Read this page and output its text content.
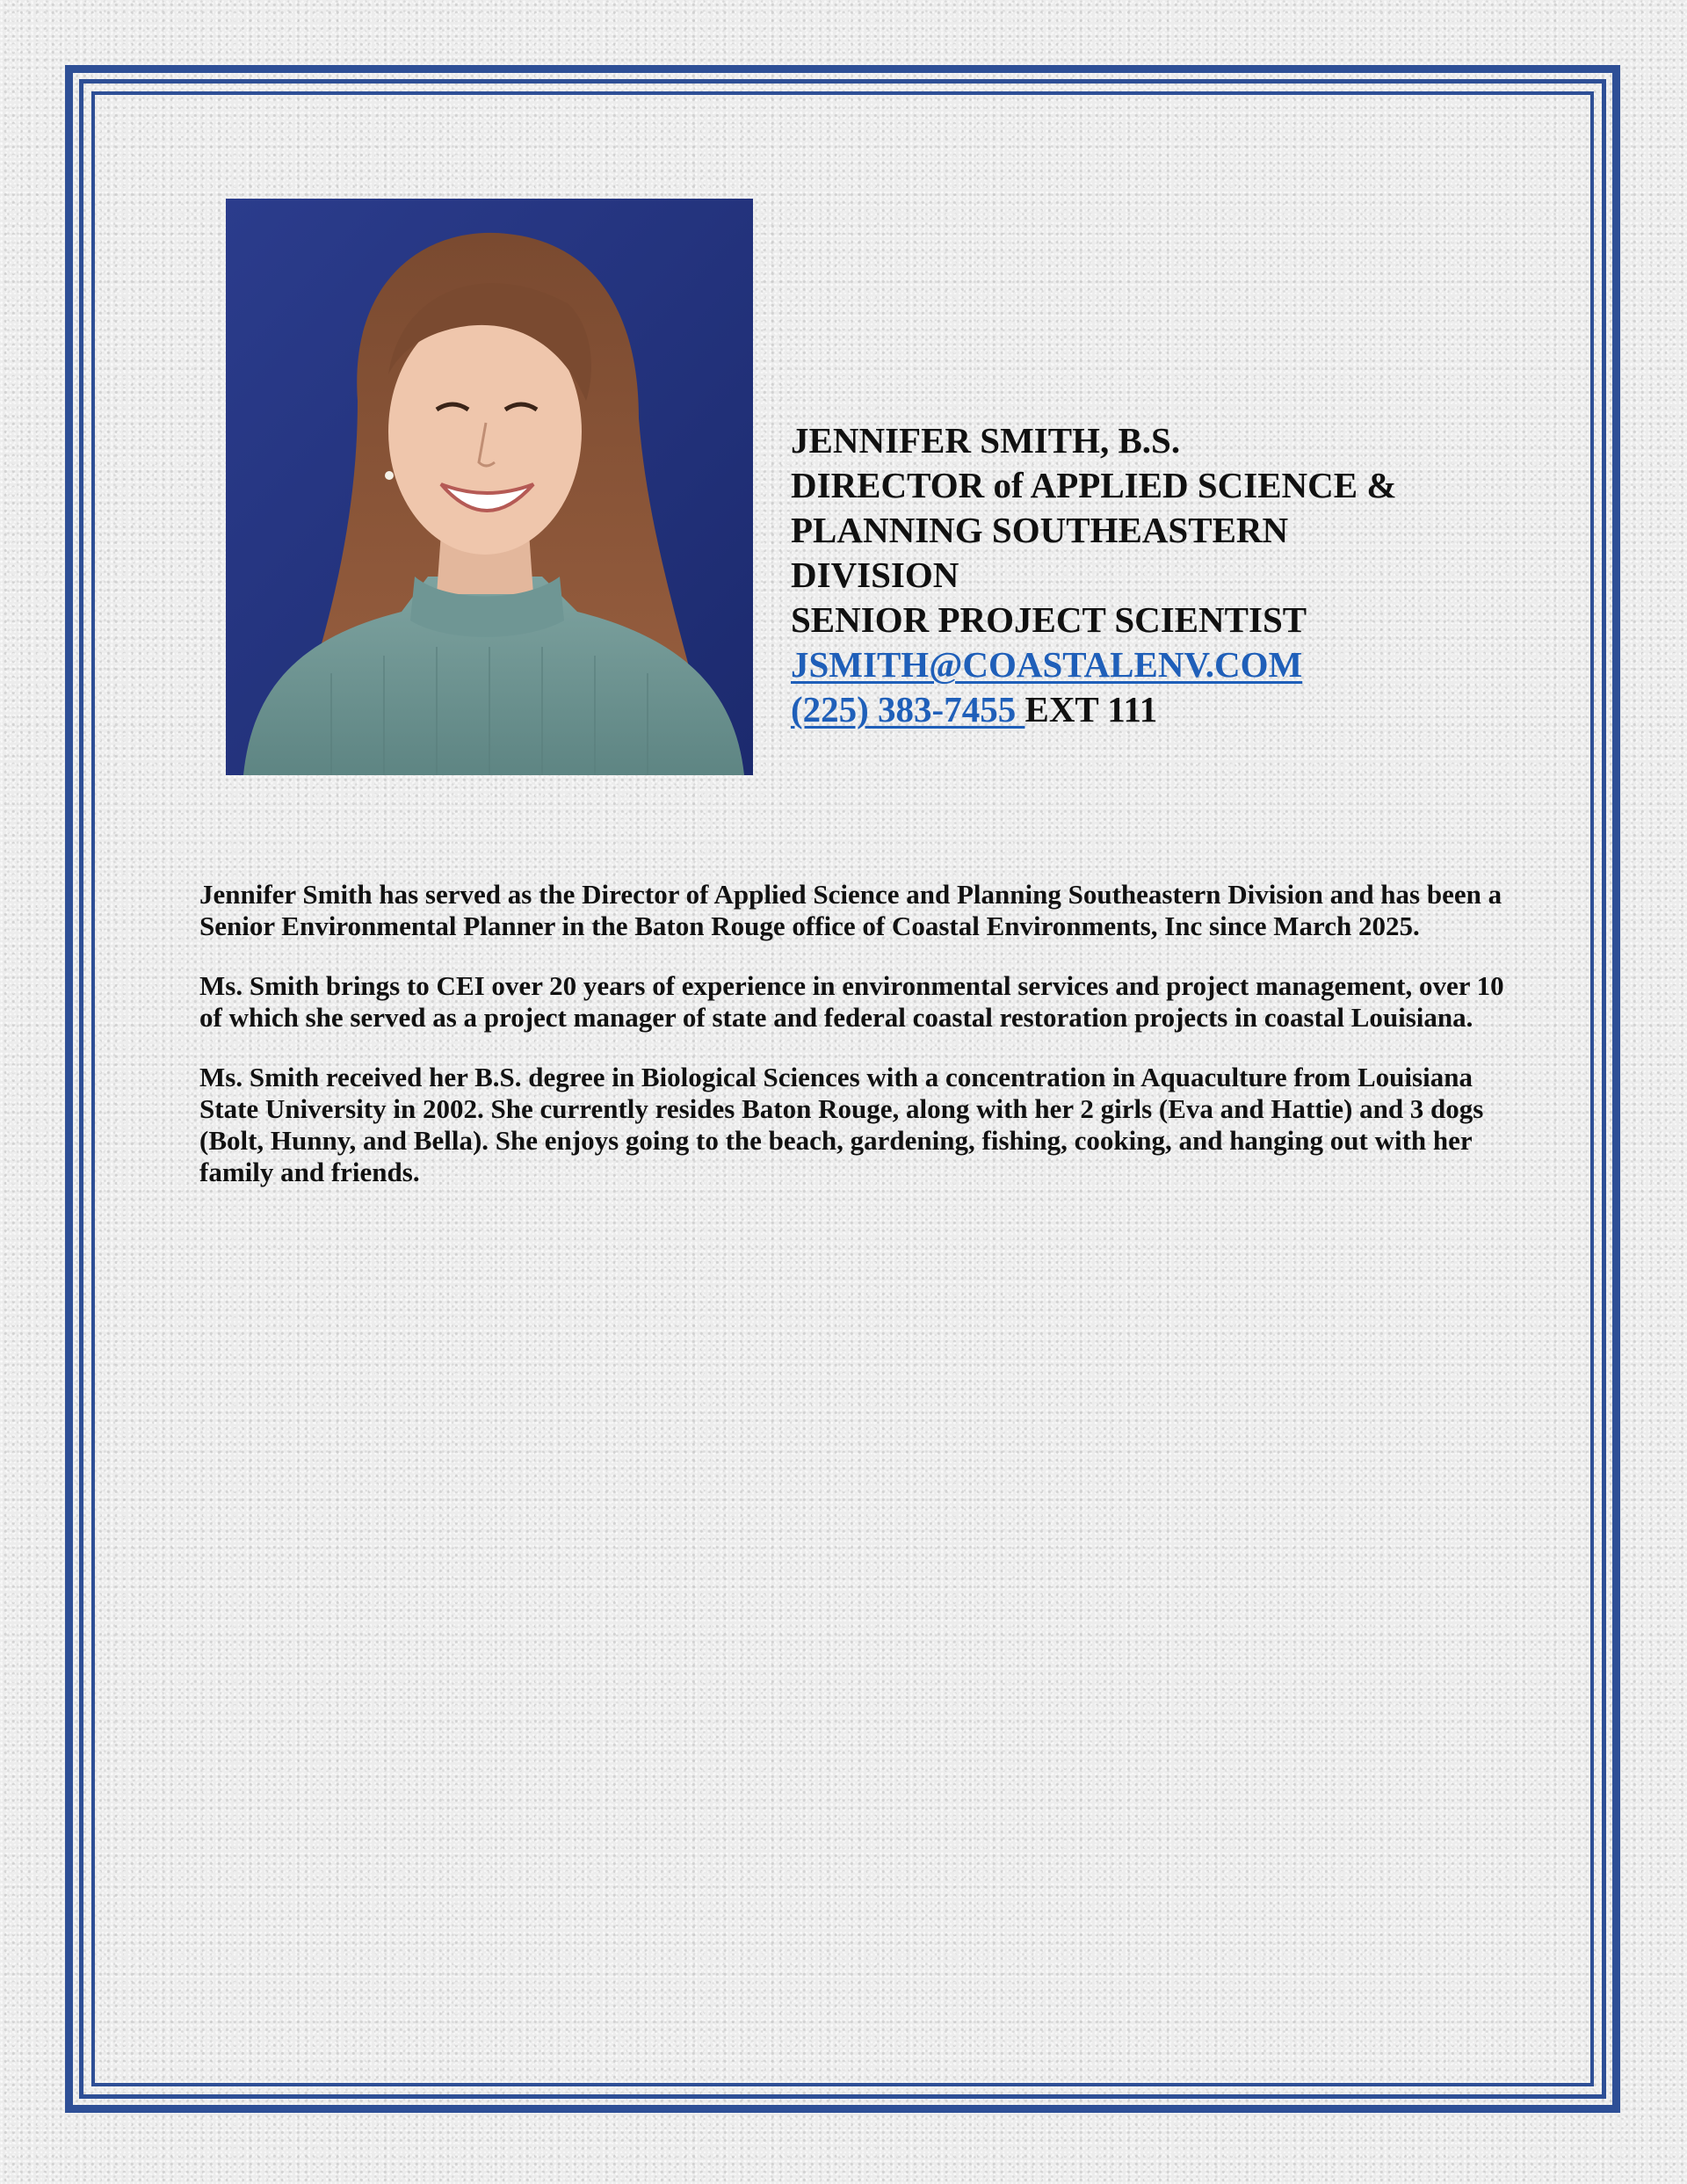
JENNIFER SMITH, B.S.
DIRECTOR of APPLIED SCIENCE &
PLANNING SOUTHEASTERN
DIVISION
SENIOR PROJECT SCIENTIST
JSMITH@COASTALENV.COM
(225) 383-7455 EXT 111

Jennifer Smith has served as the Director of Applied Science and Planning Southeastern Division and has been a Senior Environmental Planner in the Baton Rouge office of Coastal Environments, Inc since March 2025.

Ms. Smith brings to CEI over 20 years of experience in environmental services and project management, over 10 of which she served as a project manager of state and federal coastal restoration projects in coastal Louisiana.

Ms. Smith received her B.S. degree in Biological Sciences with a concentration in Aquaculture from Louisiana State University in 2002. She currently resides Baton Rouge, along with her 2 girls (Eva and Hattie) and 3 dogs (Bolt, Hunny, and Bella). She enjoys going to the beach, gardening, fishing, cooking, and hanging out with her family and friends.
